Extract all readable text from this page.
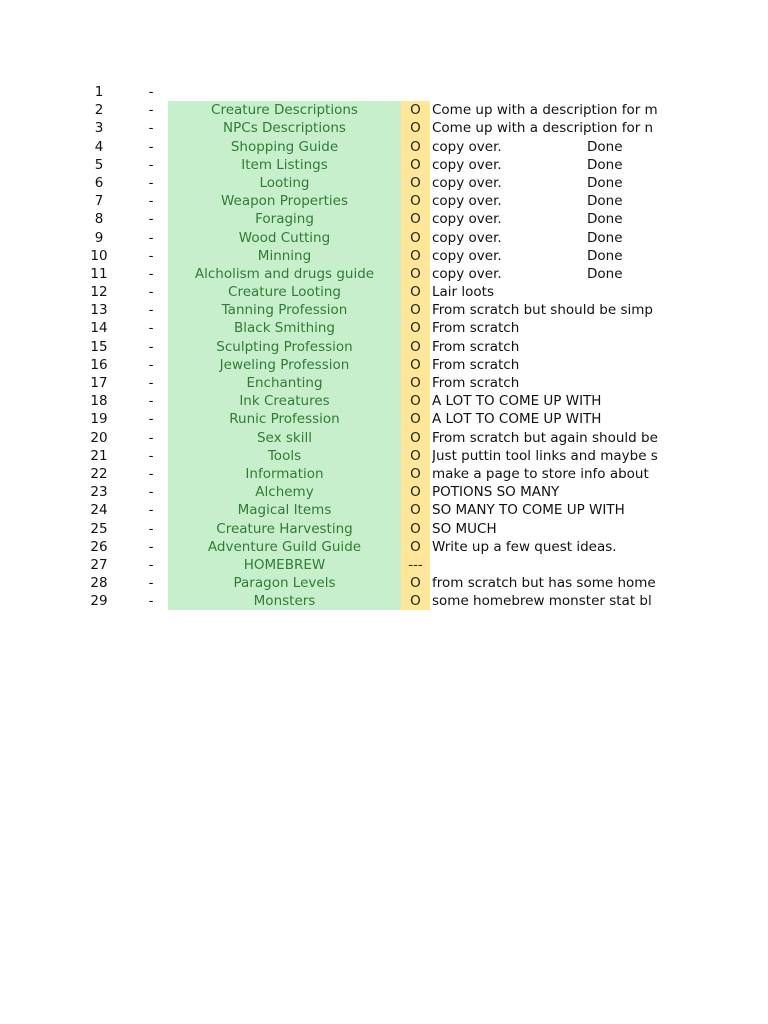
1	-
2	-	Creature Descriptions	O Come up with a description for m
3	-	NPCs Descriptions	O Come up with a description for n
4	-	Shopping Guide	O copy over.	Done
5	-	Item Listings	O copy over.	Done
6	-	Looting	O copy over.	Done
7	-	Weapon Properties	O copy over.	Done
8	-	Foraging	O copy over.	Done
9	-	Wood Cutting	O copy over.	Done
10	-	Minning	O copy over.	Done
11	-	Alcholism and drugs guide	O copy over.	Done
12	-	Creature Looting	O Lair loots
13	-	Tanning Profession	O From scratch but should be simp
14	-	Black Smithing	O From scratch
15	-	Sculpting Profession	O From scratch
16	-	Jeweling Profession	O From scratch
17	-	Enchanting	O From scratch
18	-	Ink Creatures	O A LOT TO COME UP WITH
19	-	Runic Profession	O A LOT TO COME UP WITH
20	-	Sex skill	O From scratch but again should be
21	-	Tools	O Just puttin tool links and maybe s
22	-	Information	O make a page to store info about
23	-	Alchemy	O POTIONS SO MANY
24	-	Magical Items	O SO MANY TO COME UP WITH
25	-	Creature Harvesting	O SO MUCH
26	-	Adventure Guild Guide	O Write up a few quest ideas.
27	-	HOMEBREW	---
28	-	Paragon Levels	O from scratch but has some home
29	-	Monsters	O some homebrew monster stat bl
